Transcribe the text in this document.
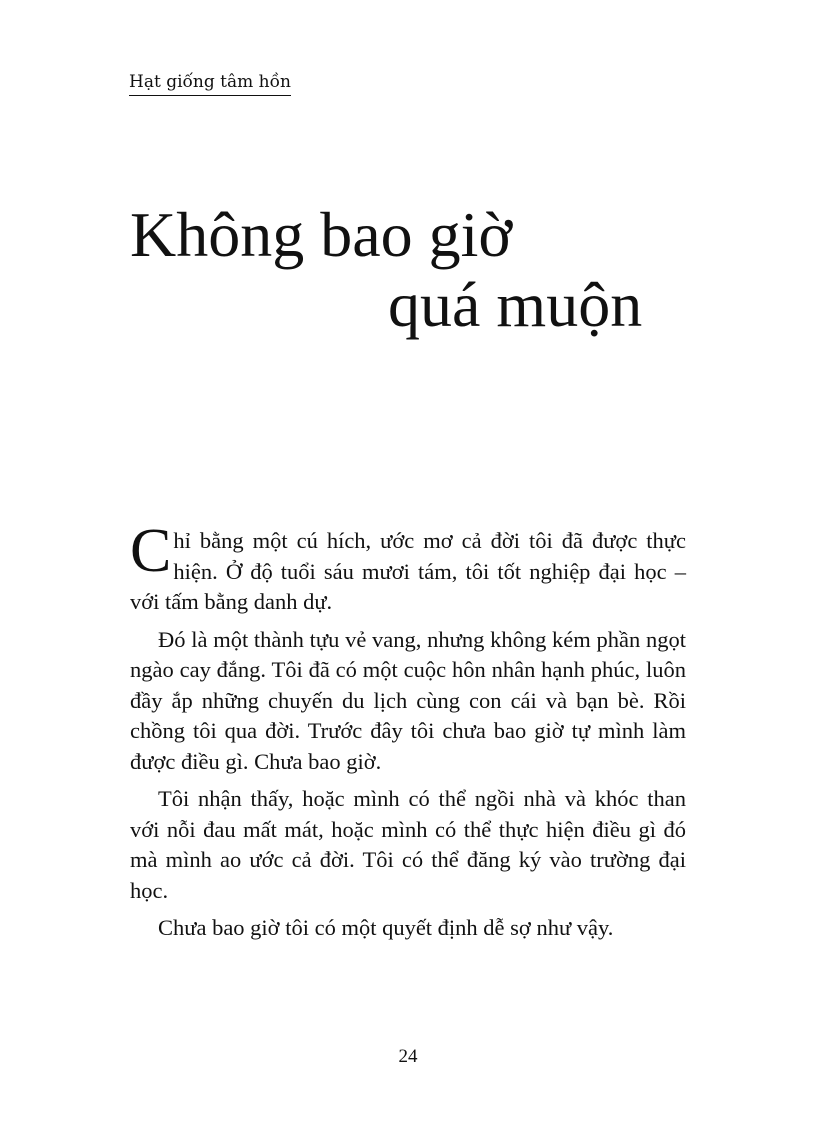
Hạt giống tâm hồn
Không bao giờ
quá muộn

Chỉ bằng một cú hích, ước mơ cả đời tôi đã được thực hiện. Ở độ tuổi sáu mươi tám, tôi tốt nghiệp đại học – với tấm bằng danh dự.

Đó là một thành tựu vẻ vang, nhưng không kém phần ngọt ngào cay đắng. Tôi đã có một cuộc hôn nhân hạnh phúc, luôn đầy ắp những chuyến du lịch cùng con cái và bạn bè. Rồi chồng tôi qua đời. Trước đây tôi chưa bao giờ tự mình làm được điều gì. Chưa bao giờ.

Tôi nhận thấy, hoặc mình có thể ngồi nhà và khóc than với nỗi đau mất mát, hoặc mình có thể thực hiện điều gì đó mà mình ao ước cả đời. Tôi có thể đăng ký vào trường đại học.

Chưa bao giờ tôi có một quyết định dễ sợ như vậy.

24
